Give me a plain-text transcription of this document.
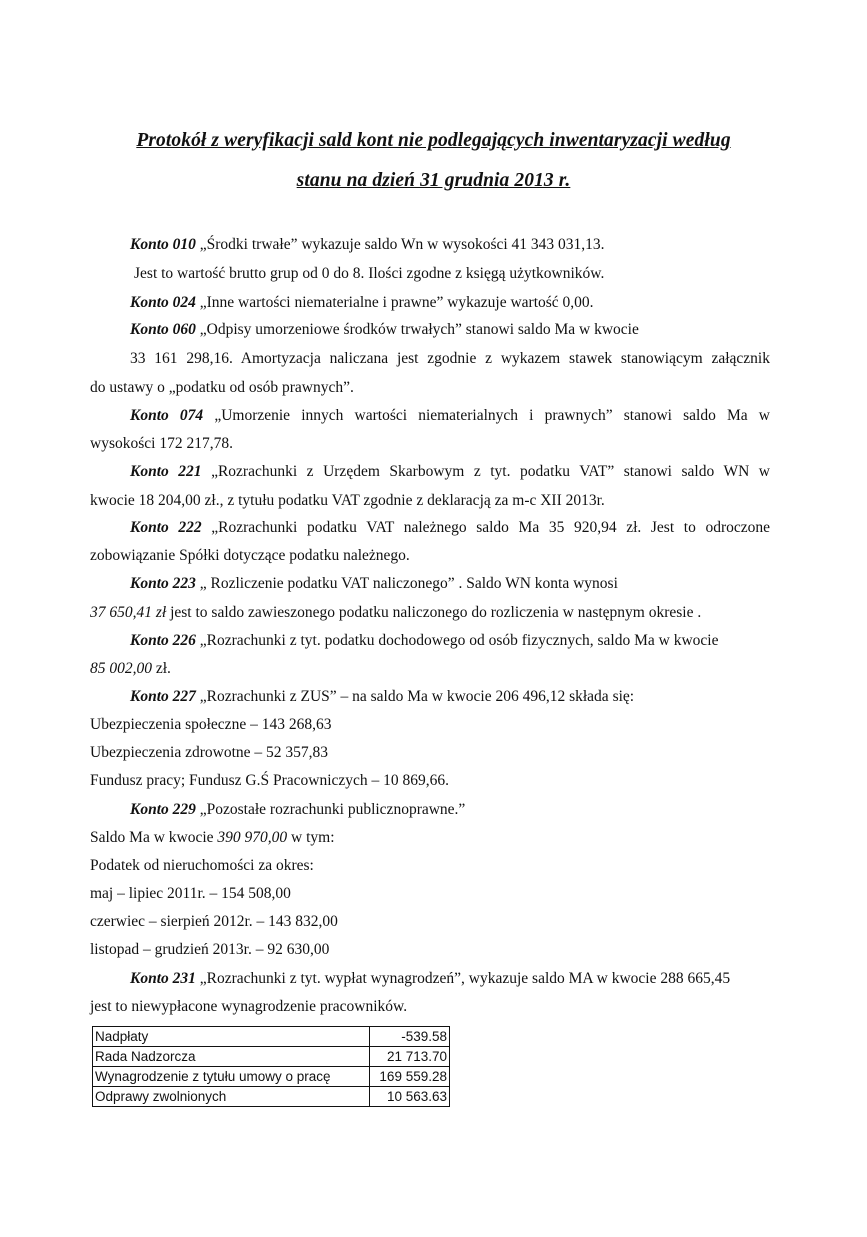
Protokół z weryfikacji sald kont nie podlegających inwentaryzacji według
stanu na dzień 31 grudnia 2013 r.
Konto 010 „Środki trwałe” wykazuje saldo Wn w wysokości 41 343 031,13.
Jest to wartość brutto grup od 0 do 8. Ilości zgodne z księgą użytkowników.
Konto 024 „Inne wartości niematerialne i prawne” wykazuje wartość 0,00.
Konto 060 „Odpisy umorzeniowe środków trwałych” stanowi saldo Ma w kwocie
33 161 298,16. Amortyzacja naliczana jest zgodnie z wykazem stawek stanowiącym załącznik
do ustawy o „podatku od osób prawnych”.
Konto 074 „Umorzenie innych wartości niematerialnych i prawnych” stanowi saldo Ma w
wysokości 172 217,78.
Konto 221 „Rozrachunki z Urzędem Skarbowym z tyt. podatku VAT” stanowi saldo WN w
kwocie 18 204,00 zł., z tytułu podatku VAT zgodnie z deklaracją za m-c XII 2013r.
Konto 222 „Rozrachunki podatku VAT należnego saldo Ma 35 920,94 zł. Jest to odroczone
zobowiązanie Spółki dotyczące podatku należnego.
Konto 223 „ Rozliczenie podatku VAT naliczonego” . Saldo WN konta wynosi
37 650,41 zł jest to saldo zawieszonego podatku naliczonego do rozliczenia w następnym okresie .
Konto 226 „Rozrachunki z tyt. podatku dochodowego od osób fizycznych, saldo Ma w kwocie
85 002,00 zł.
Konto 227 „Rozrachunki z ZUS” – na saldo Ma w kwocie 206 496,12 składa się:
Ubezpieczenia społeczne – 143 268,63
Ubezpieczenia zdrowotne – 52 357,83
Fundusz pracy; Fundusz G.Ś Pracowniczych – 10 869,66.
Konto 229 „Pozostałe rozrachunki publicznoprawne.”
Saldo Ma w kwocie 390 970,00 w tym:
Podatek od nieruchomości za okres:
maj – lipiec 2011r. – 154 508,00
czerwiec – sierpień 2012r. – 143 832,00
listopad – grudzień 2013r. – 92 630,00
Konto 231 „Rozrachunki z tyt. wypłat wynagrodzeń”, wykazuje saldo MA w kwocie 288 665,45
jest to niewypłacone wynagrodzenie pracowników.
Nadpłaty	-539.58
Rada Nadzorcza	21 713.70
Wynagrodzenie z tytułu umowy o pracę	169 559.28
Odprawy zwolnionych	10 563.63
